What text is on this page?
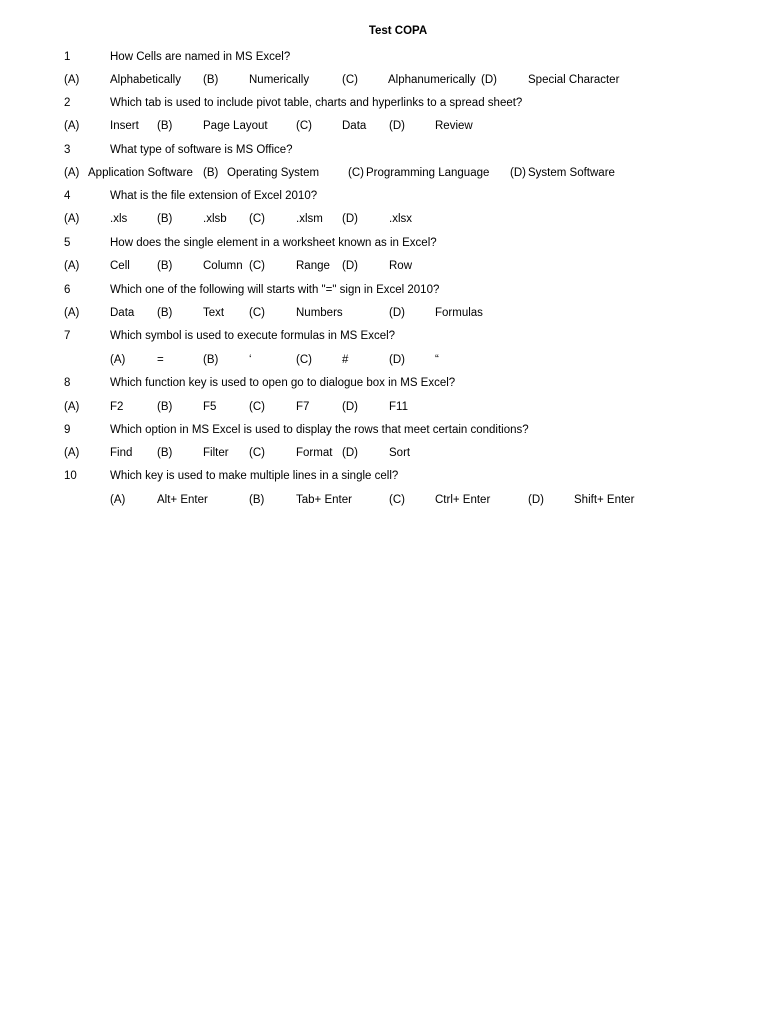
Test COPA
1	How Cells are named in MS Excel?
(A)	Alphabetically (B)	Numerically	(C)	Alphanumerically (D)	Special Character
2	Which tab is used to include pivot table, charts and hyperlinks to a spread sheet?
(A)	Insert (B)	Page Layout (C)	Data (D)	Review
3	What type of software is MS Office?
(A) Application Software (B) Operating System	(C) Programming Language (D) System Software
4	What is the file extension of Excel 2010?
(A)	.xls	(B)	.xlsb (C)	.xlsm (D)	.xlsx
5	How does the single element in a worksheet known as in Excel?
(A)	Cell (B)	Column (C)	Range (D)	Row
6	Which one of the following will starts with "=" sign in Excel 2010?
(A)	Data (B)	Text (C)	Numbers	(D)	Formulas
7	Which symbol is used to execute formulas in MS Excel?
(A)	=	(B)	‘	(C)	#	(D)	“
8	Which function key is used to open go to dialogue box in MS Excel?
(A)	F2	(B)	F5	(C)	F7	(D)	F11
9	Which option in MS Excel is used to display the rows that meet certain conditions?
(A)	Find (B)	Filter (C)	Format (D)	Sort
10	Which key is used to make multiple lines in a single cell?
(A)	Alt+ Enter	(B)	Tab+ Enter	(C)	Ctrl+ Enter	(D)	Shift+ Enter
